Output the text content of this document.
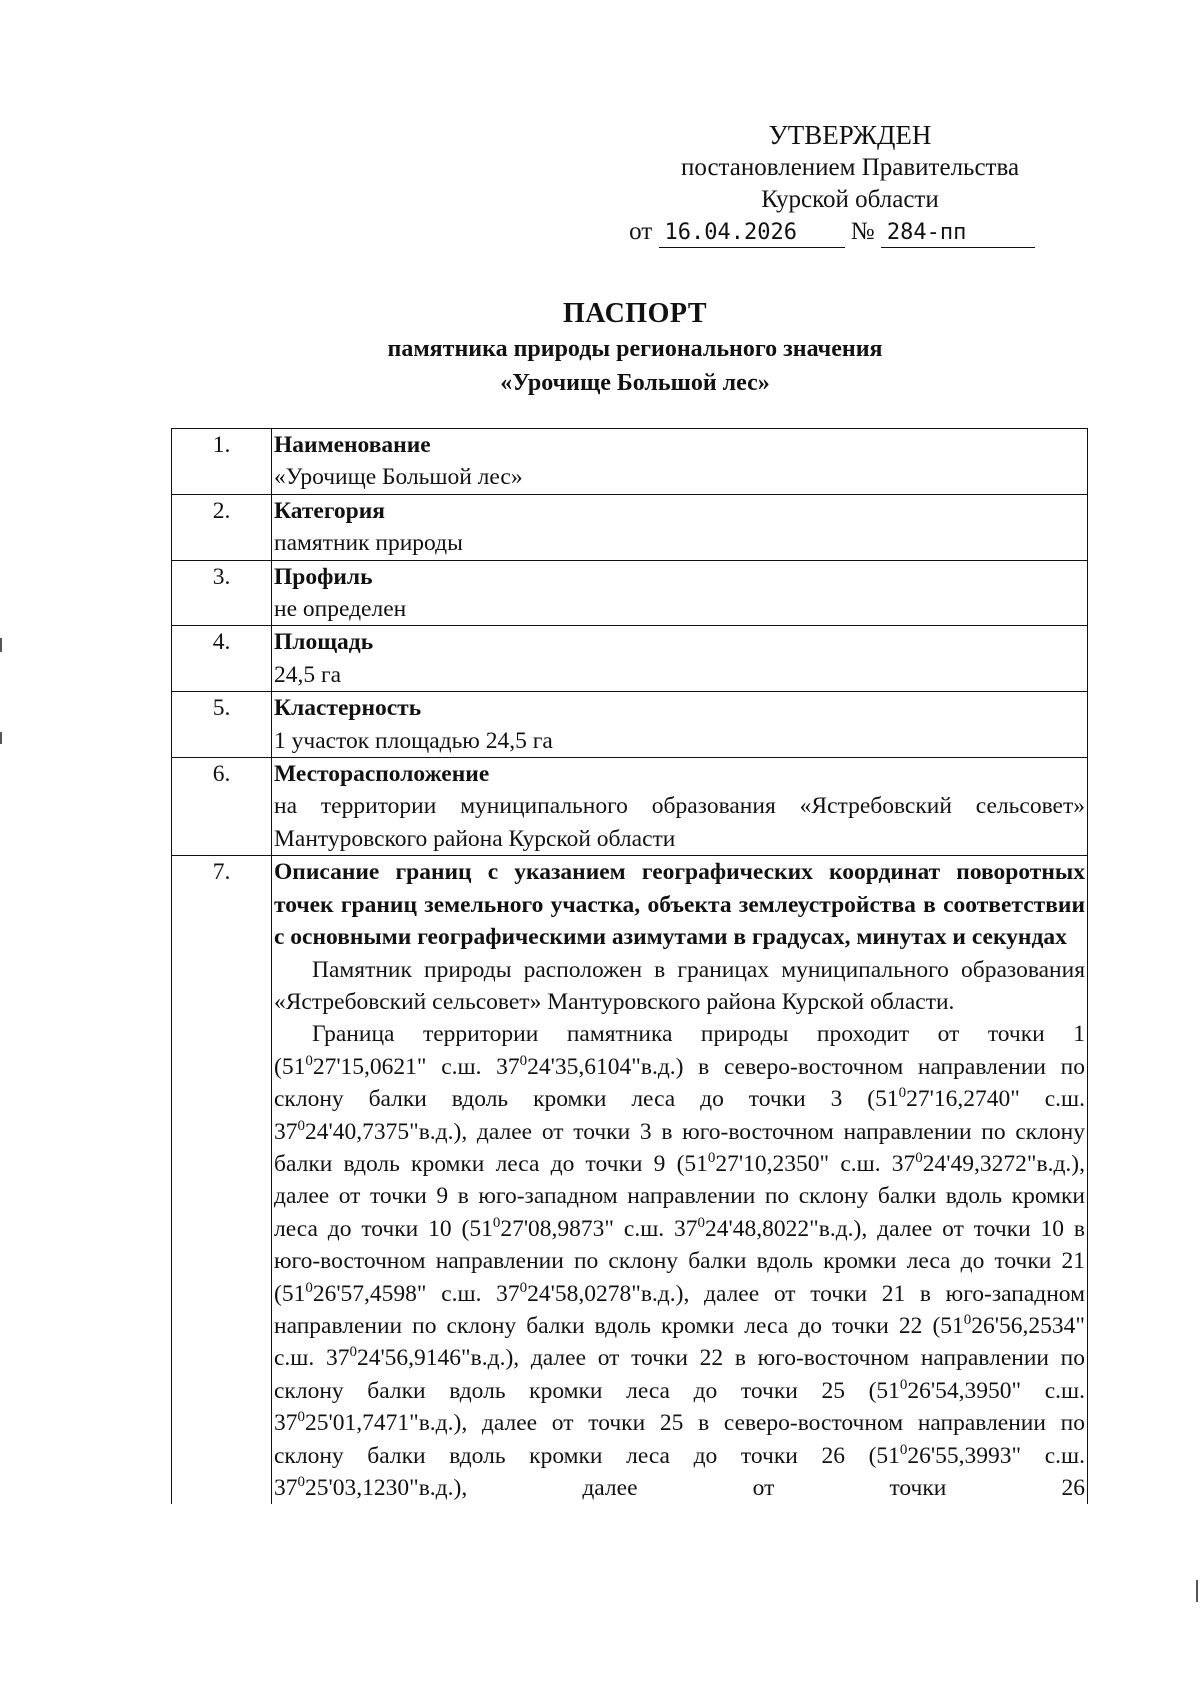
УТВЕРЖДЕН
постановлением Правительства
Курской области
от 16.04.2026 № 284-пп
ПАСПОРТ
памятника природы регионального значения
«Урочище Большой лес»
1.	Наименование
«Урочище Большой лес»

2.	Категория
памятник природы

3.	Профиль
не определен

4.	Площадь
24,5 га

5.	Кластерность
1 участок площадью 24,5 га

6.	Месторасположение
на территории муниципального образования «Ястребовский сельсовет» Мантуровского района Курской области

7.	Описание границ с указанием географических координат поворотных точек границ земельного участка, объекта землеустройства в соответствии с основными географическими азимутами в градусах, минутах и секундах
Памятник природы расположен в границах муниципального образования «Ястребовский сельсовет» Мантуровского района Курской области.
Граница территории памятника природы проходит от точки 1 ($51^027'15,0621$" с.ш. $37^024'35,6104"в.д$.) в северо-восточном направлении по склону балки вдоль кромки леса до точки 3 ($51^027'16,2740$" с.ш. $37^024'40,7375"в.д$.), далее от точки 3 в юго-восточном направлении по склону балки вдоль кромки леса до точки 9 ($51^027'10,2350$" с.ш. $37^024'49,3272"в.д$.), далее от точки 9 в юго-западном направлении по склону балки вдоль кромки леса до точки 10 ($51^027'08,9873$" с.ш. $37^024'48,8022"в.д$.), далее от точки 10 в юго-восточном направлении по склону балки вдоль кромки леса до точки 21 ($51^026'57,4598$" с.ш. $37^024'58,0278"в.д$.), далее от точки 21 в юго-западном направлении по склону балки вдоль кромки леса до точки 22 ($51^026'56,2534$" с.ш. $37^024'56,9146"в.д$.), далее от точки 22 в юго-восточном направлении по склону балки вдоль кромки леса до точки 25 ($51^026'54,3950$" с.ш. $37^025'01,7471"в.д$.), далее от точки 25 в северо-восточном направлении по склону балки вдоль кромки леса до точки 26 ($51^026'55,3993$" с.ш. $37^025'03,1230"в.д$.), далее от точки 26
